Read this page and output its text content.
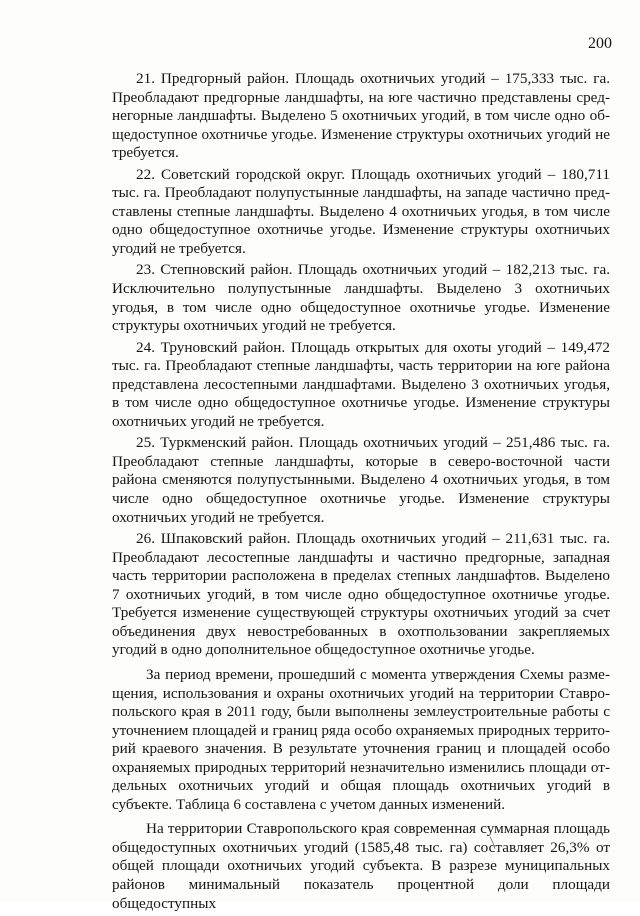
200

21. Предгорный район. Площадь охотничьих угодий – 175,333 тыс. га. Преобладают предгорные ландшафты, на юге частично представлены среднегорные ландшафты. Выделено 5 охотничьих угодий, в том числе одно общедоступное охотничье угодье. Изменение структуры охотничьих угодий не требуется.

22. Советский городской округ. Площадь охотничьих угодий – 180,711 тыс. га. Преобладают полупустынные ландшафты, на западе частично представлены степные ландшафты. Выделено 4 охотничьих угодья, в том числе одно общедоступное охотничье угодье. Изменение структуры охотничьих угодий не требуется.

23. Степновский район. Площадь охотничьих угодий – 182,213 тыс. га. Исключительно полупустынные ландшафты. Выделено 3 охотничьих угодья, в том числе одно общедоступное охотничье угодье. Изменение структуры охотничьих угодий не требуется.

24. Труновский район. Площадь открытых для охоты угодий – 149,472 тыс. га. Преобладают степные ландшафты, часть территории на юге района представлена лесостепными ландшафтами. Выделено 3 охотничьих угодья, в том числе одно общедоступное охотничье угодье. Изменение структуры охотничьих угодий не требуется.

25. Туркменский район. Площадь охотничьих угодий – 251,486 тыс. га. Преобладают степные ландшафты, которые в северо-восточной части района сменяются полупустынными. Выделено 4 охотничьих угодья, в том числе одно общедоступное охотничье угодье. Изменение структуры охотничьих угодий не требуется.

26. Шпаковский район. Площадь охотничьих угодий – 211,631 тыс. га. Преобладают лесостепные ландшафты и частично предгорные, западная часть территории расположена в пределах степных ландшафтов. Выделено 7 охотничьих угодий, в том числе одно общедоступное охотничье угодье. Требуется изменение существующей структуры охотничьих угодий за счет объединения двух невостребованных в охотпользовании закрепляемых угодий в одно дополнительное общедоступное охотничье угодье.

За период времени, прошедший с момента утверждения Схемы размещения, использования и охраны охотничьих угодий на территории Ставропольского края в 2011 году, были выполнены землеустроительные работы с уточнением площадей и границ ряда особо охраняемых природных территорий краевого значения. В результате уточнения границ и площадей особо охраняемых природных территорий незначительно изменились площади отдельных охотничьих угодий и общая площадь охотничьих угодий в субъекте. Таблица 6 составлена с учетом данных изменений.

На территории Ставропольского края современная суммарная площадь общедоступных охотничьих угодий (1585,48 тыс. га) составляет 26,3% от общей площади охотничьих угодий субъекта. В разрезе муниципальных районов минимальный показатель процентной доли площади общедоступных
